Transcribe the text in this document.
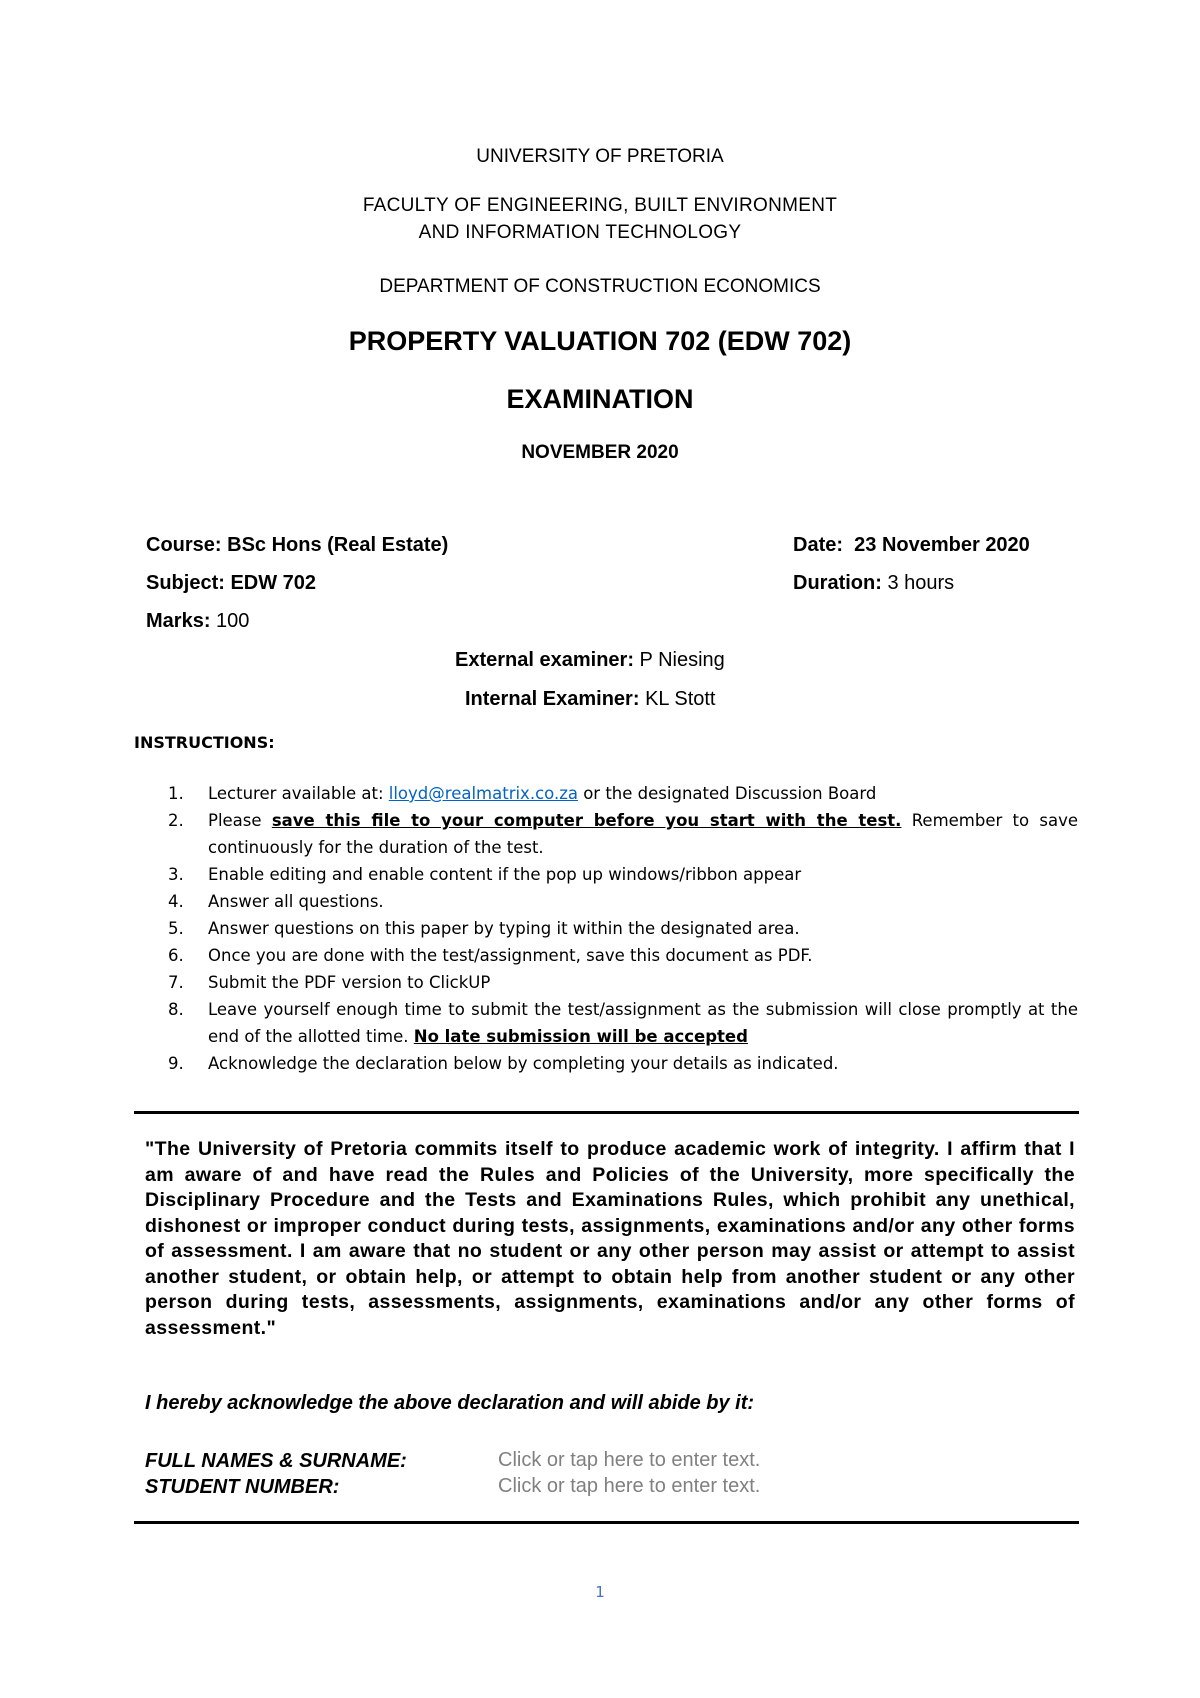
UNIVERSITY OF PRETORIA
FACULTY OF ENGINEERING, BUILT ENVIRONMENT
AND INFORMATION TECHNOLOGY
DEPARTMENT OF CONSTRUCTION ECONOMICS
PROPERTY VALUATION 702 (EDW 702)
EXAMINATION
NOVEMBER 2020
Course: BSc Hons (Real Estate)	Date: 23 November 2020
Subject: EDW 702	Duration: 3 hours
Marks: 100
External examiner: P Niesing
Internal Examiner: KL Stott
INSTRUCTIONS:
1. Lecturer available at: lloyd@realmatrix.co.za or the designated Discussion Board
2. Please save this file to your computer before you start with the test. Remember to save continuously for the duration of the test.
3. Enable editing and enable content if the pop up windows/ribbon appear
4. Answer all questions.
5. Answer questions on this paper by typing it within the designated area.
6. Once you are done with the test/assignment, save this document as PDF.
7. Submit the PDF version to ClickUP
8. Leave yourself enough time to submit the test/assignment as the submission will close promptly at the end of the allotted time. No late submission will be accepted
9. Acknowledge the declaration below by completing your details as indicated.
"The University of Pretoria commits itself to produce academic work of integrity. I affirm that I am aware of and have read the Rules and Policies of the University, more specifically the Disciplinary Procedure and the Tests and Examinations Rules, which prohibit any unethical, dishonest or improper conduct during tests, assignments, examinations and/or any other forms of assessment. I am aware that no student or any other person may assist or attempt to assist another student, or obtain help, or attempt to obtain help from another student or any other person during tests, assessments, assignments, examinations and/or any other forms of assessment."
I hereby acknowledge the above declaration and will abide by it:
FULL NAMES & SURNAME:
Click or tap here to enter text.
STUDENT NUMBER:
Click or tap here to enter text.
1
